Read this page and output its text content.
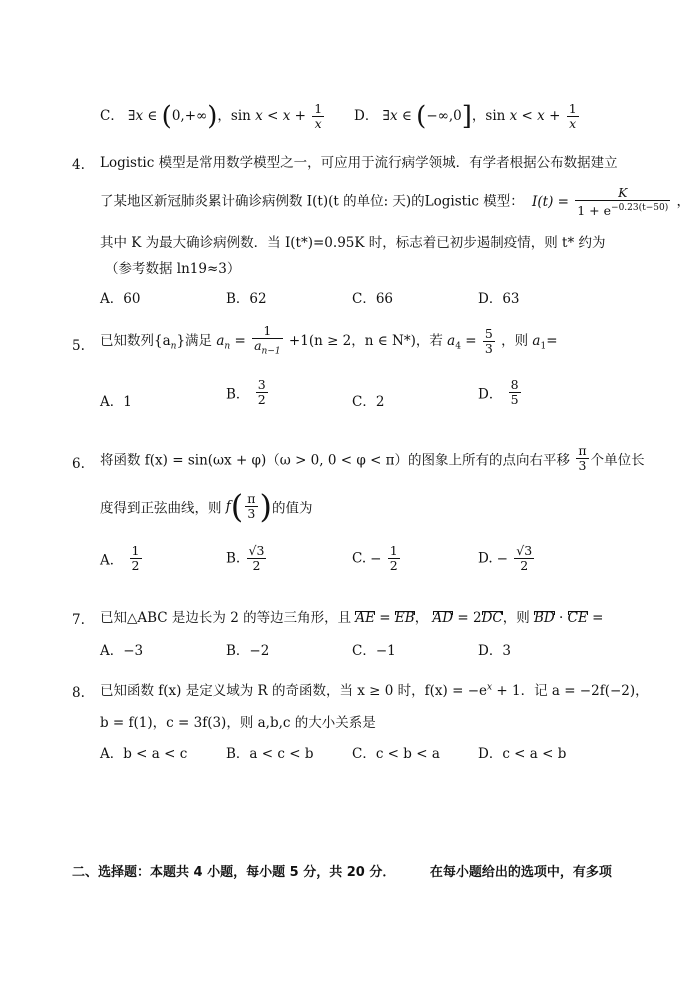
C． ∃x ∈ (0,+∞)，$\sin x < x + \frac{1}{x}$ D． ∃x ∈ (−∞,0]，$\sin x < x + \frac{1}{x}$
4. Logistic 模型是常用数学模型之一，可应用于流行病学领城．有学者根据公布数据建立
了某地区新冠肺炎累计确诊病例数 I(t)(t 的单位: 天)的Logistic 模型： $I(t) = \frac{K}{1 + e^{-0.23(t-50)}}$ ，
其中 K 为最大确诊病例数．当 I(t*)=0.95K 时，标志着已初步遏制疫情，则 t* 约为
（参考数据 ln19≈3）
A．60	B．62	C．66	D．63
5. 已知数列$\{a_n\}$满足 $a_n = \frac{1}{a_{n-1}} +1(n \ge 2$，n ∈ N*)，若 $a_4 = \frac{5}{3}$ ，则 $a_1=$
A．1	B． $\frac{3}{2}$	C．2	D． $\frac{8}{5}$
6. 将函数 f(x) = sin(ωx + φ)（ω > 0, 0 < φ < π）的图象上所有的点向右平移 $\frac{\pi}{3}$ 个单位长
度得到正弦曲线，则 $f( \frac{\pi}{3}$ )的值为
A． $\frac{1}{2}$	B. $\frac{√3}{2}$	C. − $\frac{1}{2}$	D. − $\frac{√3}{2}$
7. 已知△ABC 是边长为 2 的等边三角形，且 AE = EB， AD = 2DC，则 BD · CE =
A．−3	B．−2	C．−1	D．3
8. 已知函数 f(x) 是定义域为 R 的奇函数，当 x ≥ 0 时，$f(x) = -e^x + 1$．记 a = −2f(−2)，
b = f(1)，c = 3f(3)，则 a,b,c 的大小关系是
A．b < a < c	B．a < c < b	C．c < b < a	D．c < a < b
二、选择题：本题共 4 小题，每小题 5 分，共 20 分．	在每小题给出的选项中，有多项
